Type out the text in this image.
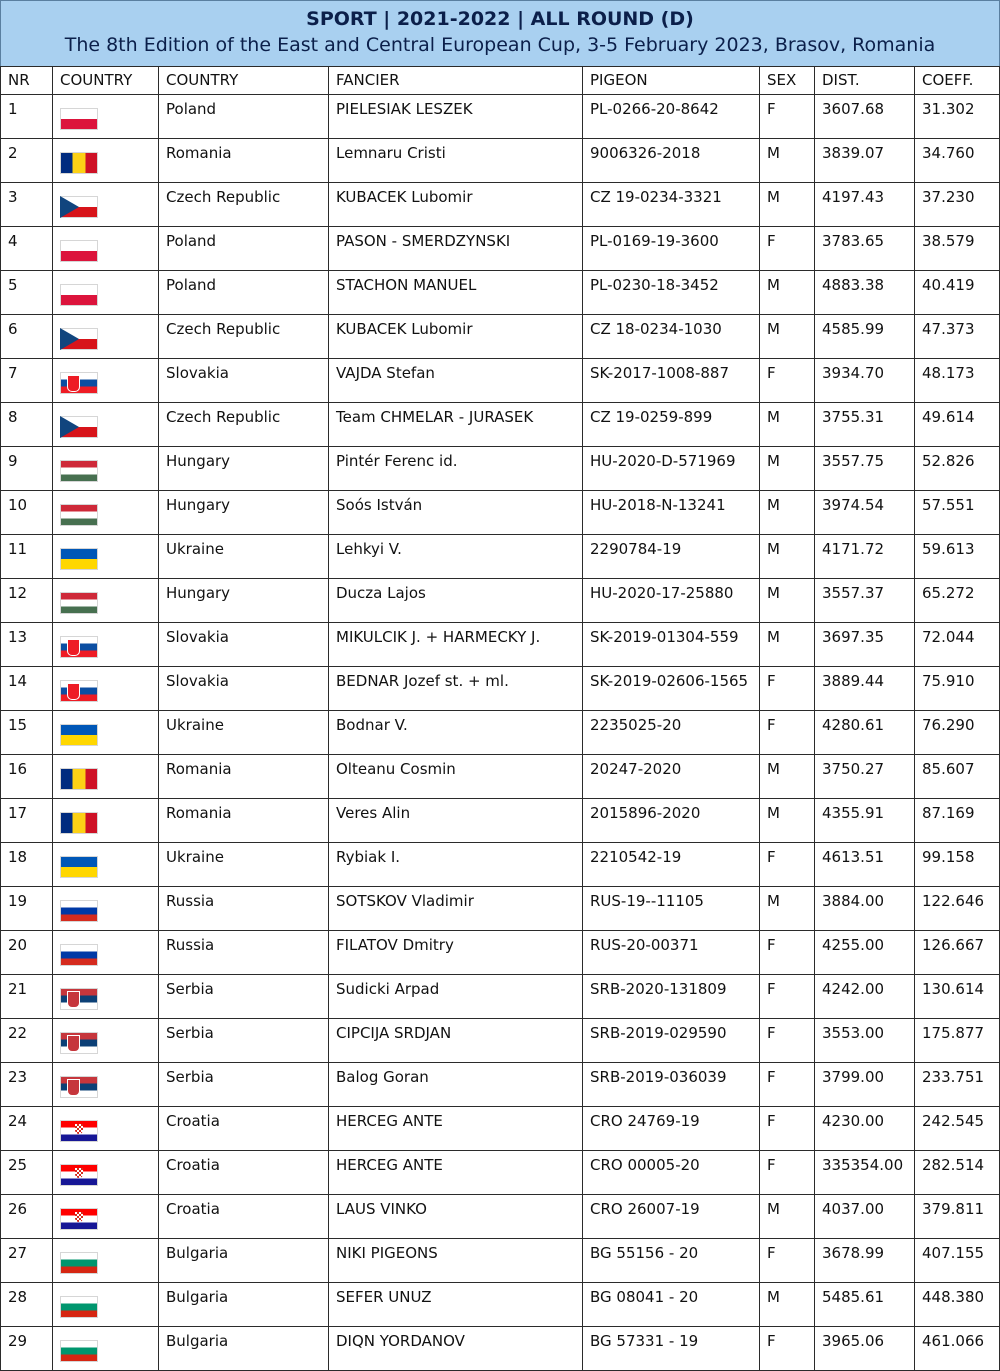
SPORT | 2021-2022 | ALL ROUND (D)
The 8th Edition of the East and Central European Cup, 3-5 February 2023, Brasov, Romania
NR	COUNTRY	COUNTRY	FANCIER	PIGEON	SEX	DIST.	COEFF.
1		Poland	PIELESIAK LESZEK	PL-0266-20-8642	F	3607.68	31.302
2		Romania	Lemnaru Cristi	9006326-2018	M	3839.07	34.760
3		Czech Republic	KUBACEK Lubomir	CZ 19-0234-3321	M	4197.43	37.230
4		Poland	PASON - SMERDZYNSKI	PL-0169-19-3600	F	3783.65	38.579
5		Poland	STACHON MANUEL	PL-0230-18-3452	M	4883.38	40.419
6		Czech Republic	KUBACEK Lubomir	CZ 18-0234-1030	M	4585.99	47.373
7		Slovakia	VAJDA Stefan	SK-2017-1008-887	F	3934.70	48.173
8		Czech Republic	Team CHMELAR - JURASEK	CZ 19-0259-899	M	3755.31	49.614
9		Hungary	Pintér Ferenc id.	HU-2020-D-571969	M	3557.75	52.826
10		Hungary	Soós István	HU-2018-N-13241	M	3974.54	57.551
11		Ukraine	Lehkyi V.	2290784-19	M	4171.72	59.613
12		Hungary	Duczа Lajos	HU-2020-17-25880	M	3557.37	65.272
13		Slovakia	MIKULCIK J. + HARMECKY J.	SK-2019-01304-559	M	3697.35	72.044
14		Slovakia	BEDNAR Jozef st. + ml.	SK-2019-02606-1565	F	3889.44	75.910
15		Ukraine	Bodnar V.	2235025-20	F	4280.61	76.290
16		Romania	Olteanu Cosmin	20247-2020	M	3750.27	85.607
17		Romania	Veres Alin	2015896-2020	M	4355.91	87.169
18		Ukraine	Rybiak I.	2210542-19	F	4613.51	99.158
19		Russia	SOTSKOV Vladimir	RUS-19--11105	M	3884.00	122.646
20		Russia	FILATOV Dmitry	RUS-20-00371	F	4255.00	126.667
21		Serbia	Sudicki Arpad	SRB-2020-131809	F	4242.00	130.614
22		Serbia	CIPCIJA SRDJAN	SRB-2019-029590	F	3553.00	175.877
23		Serbia	Balog Goran	SRB-2019-036039	F	3799.00	233.751
24		Croatia	HERCEG ANTE	CRO 24769-19	F	4230.00	242.545
25		Croatia	HERCEG ANTE	CRO 00005-20	F	335354.00	282.514
26		Croatia	LAUS VINKO	CRO 26007-19	M	4037.00	379.811
27		Bulgaria	NIKI PIGEONS	BG 55156 - 20	F	3678.99	407.155
28		Bulgaria	SEFER UNUZ	BG 08041 - 20	M	5485.61	448.380
29		Bulgaria	DIQN YORDANOV	BG 57331 - 19	F	3965.06	461.066
